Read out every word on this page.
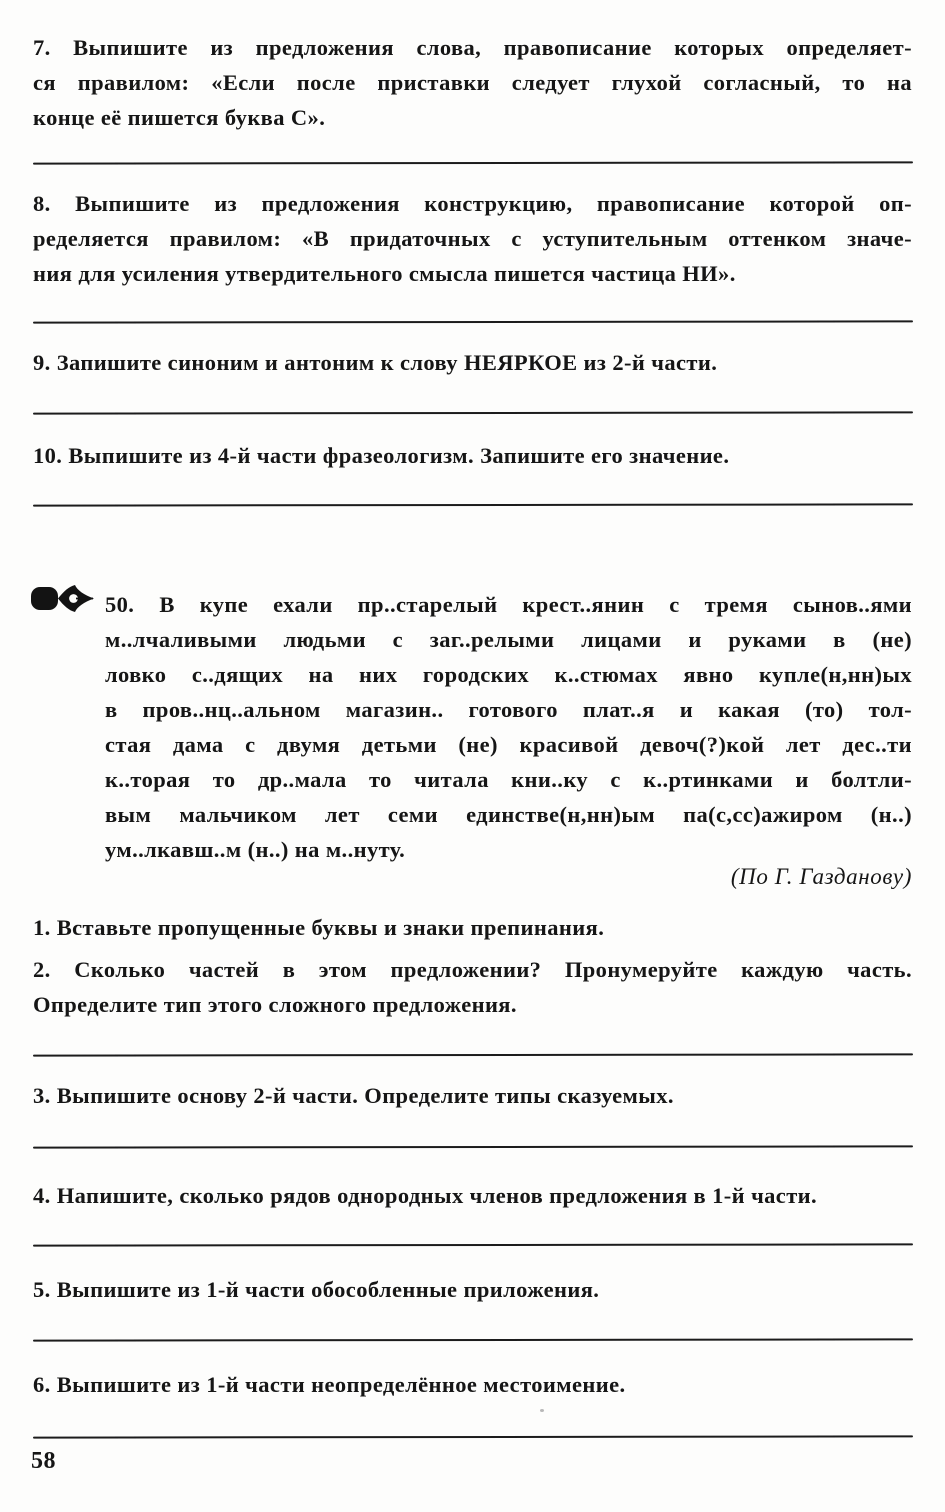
7. Выпишите из предложения слова, правописание которых определяет-
ся правилом: «Если после приставки следует глухой согласный, то на
конце её пишется буква С».
8. Выпишите из предложения конструкцию, правописание которой оп-
ределяется правилом: «В придаточных с уступительным оттенком значе-
ния для усиления утвердительного смысла пишется частица НИ».
9. Запишите синоним и антоним к слову НЕЯРКОЕ из 2-й части.
10. Выпишите из 4-й части фразеологизм. Запишите его значение.
50. В купе ехали пр..старелый крест..янин с тремя сынов..ями
м..лчаливыми людьми с заг..релыми лицами и руками в (не)
ловко с..дящих на них городских к..стюмах явно купле(н,нн)ых
в пров..нц..альном магазин.. готового плат..я и какая (то) тол-
стая дама с двумя детьми (не) красивой девоч(?)кой лет дес..ти
к..торая то др..мала то читала кни..ку с к..ртинками и болтли-
вым мальчиком лет семи единстве(н,нн)ым па(с,сс)ажиром (н..)
ум..лкавш..м (н..) на м..нуту.
(По Г. Газданову)
1. Вставьте пропущенные буквы и знаки препинания.
2. Сколько частей в этом предложении? Пронумеруйте каждую часть.
Определите тип этого сложного предложения.
3. Выпишите основу 2-й части. Определите типы сказуемых.
4. Напишите, сколько рядов однородных членов предложения в 1-й части.
5. Выпишите из 1-й части обособленные приложения.
6. Выпишите из 1-й части неопределённое местоимение.
58
